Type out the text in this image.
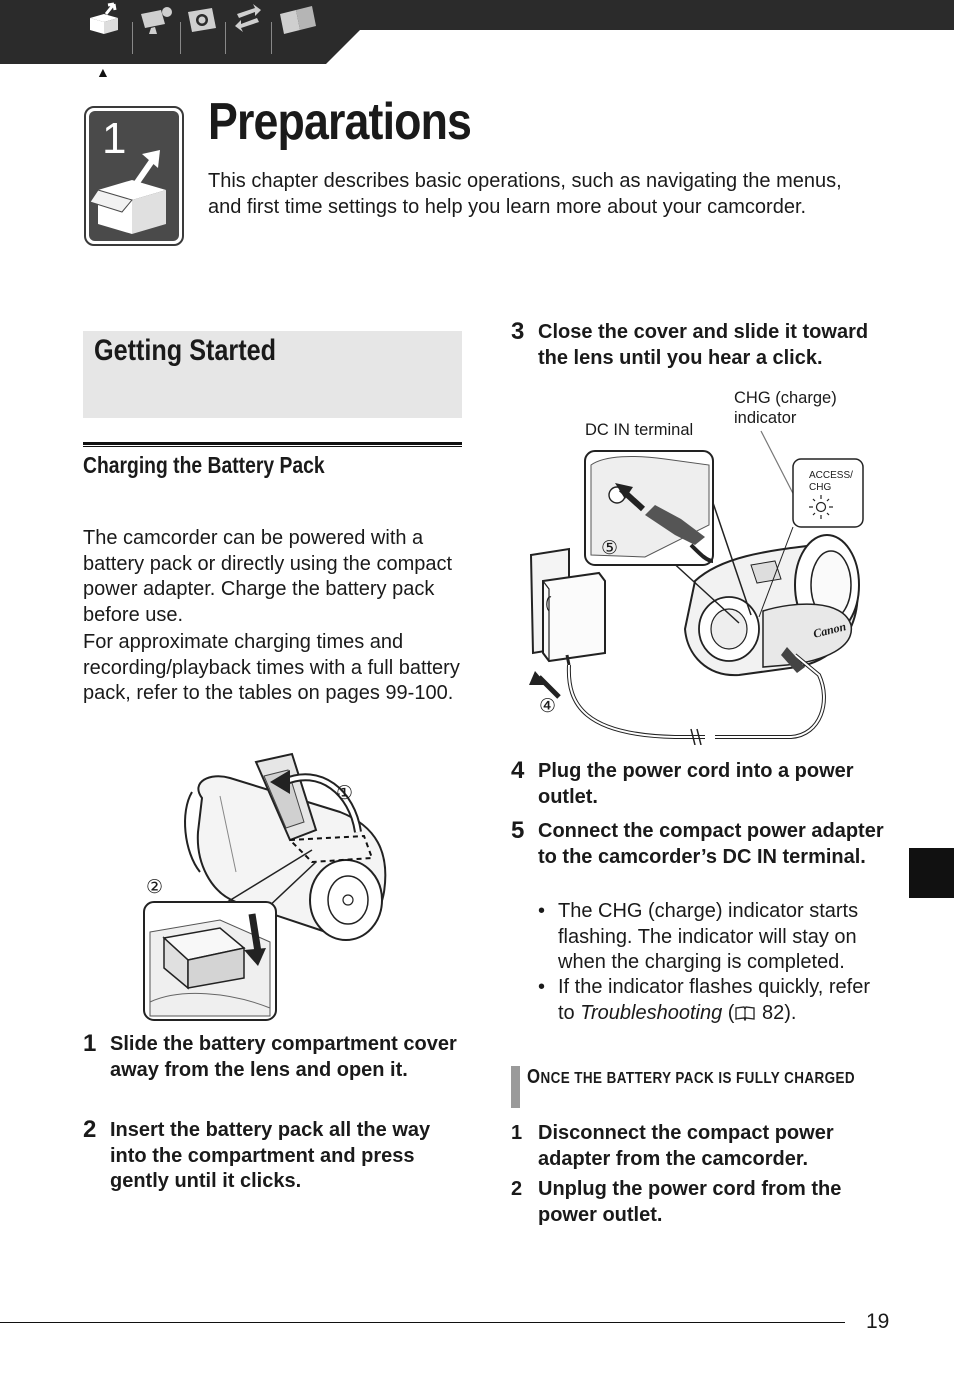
▲
1 Preparations
This chapter describes basic operations, such as navigating the menus, and first time settings to help you learn more about your camcorder.
Getting Started
Charging the Battery Pack
The camcorder can be powered with a battery pack or directly using the compact power adapter. Charge the battery pack before use.
For approximate charging times and recording/playback times with a full battery pack, refer to the tables on pages 99-100.
①
②
1 Slide the battery compartment cover away from the lens and open it.
2 Insert the battery pack all the way into the compartment and press gently until it clicks.
3 Close the cover and slide it toward the lens until you hear a click.
CHG (charge)
indicator
DC IN terminal
ACCESS/
CHG
Canon
⑤
④
4 Plug the power cord into a power outlet.
5 Connect the compact power adapter to the camcorder’s DC IN terminal.
• The CHG (charge) indicator starts flashing. The indicator will stay on when the charging is completed.
• If the indicator flashes quickly, refer to Troubleshooting ( 82).
ONCE THE BATTERY PACK IS FULLY CHARGED
1 Disconnect the compact power adapter from the camcorder.
2 Unplug the power cord from the power outlet.
19
